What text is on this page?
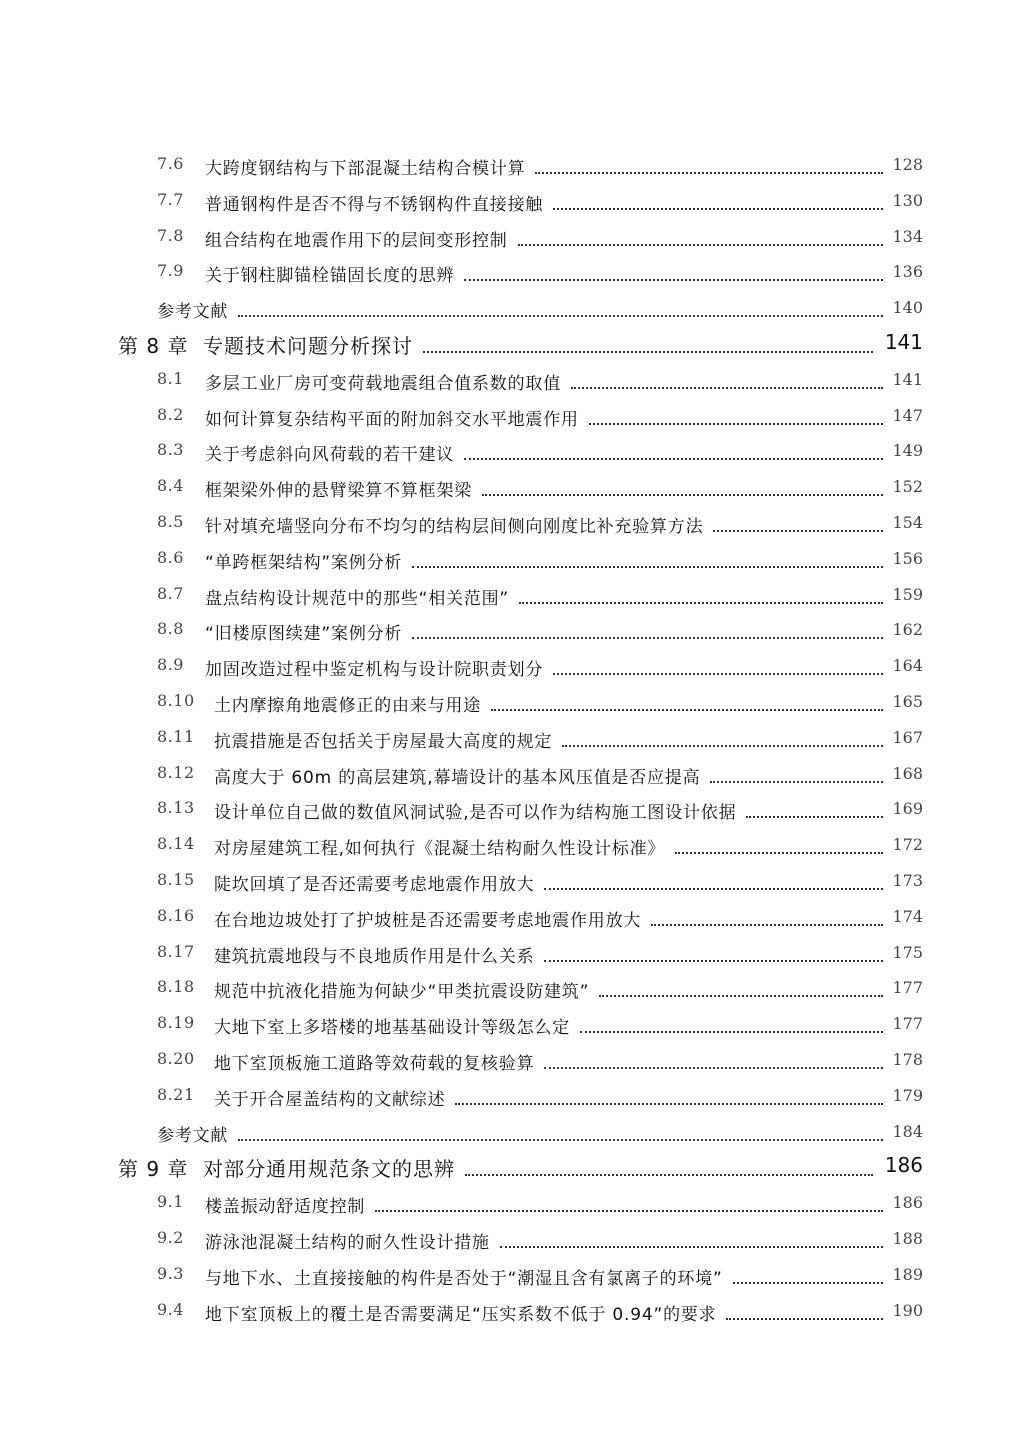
7.6 大跨度钢结构与下部混凝土结构合模计算	128
7.7 普通钢构件是否不得与不锈钢构件直接接触	130
7.8 组合结构在地震作用下的层间变形控制	134
7.9 关于钢柱脚锚栓锚固长度的思辨	136
参考文献	140
第 8 章 专题技术问题分析探讨	141
8.1 多层工业厂房可变荷载地震组合值系数的取值	141
8.2 如何计算复杂结构平面的附加斜交水平地震作用	147
8.3 关于考虑斜向风荷载的若干建议	149
8.4 框架梁外伸的悬臂梁算不算框架梁	152
8.5 针对填充墙竖向分布不均匀的结构层间侧向刚度比补充验算方法	154
8.6 “单跨框架结构”案例分析	156
8.7 盘点结构设计规范中的那些“相关范围”	159
8.8 “旧楼原图续建”案例分析	162
8.9 加固改造过程中鉴定机构与设计院职责划分	164
8.10 土内摩擦角地震修正的由来与用途	165
8.11 抗震措施是否包括关于房屋最大高度的规定	167
8.12 高度大于 60m 的高层建筑,幕墙设计的基本风压值是否应提高	168
8.13 设计单位自己做的数值风洞试验,是否可以作为结构施工图设计依据	169
8.14 对房屋建筑工程,如何执行《混凝土结构耐久性设计标准》	172
8.15 陡坎回填了是否还需要考虑地震作用放大	173
8.16 在台地边坡处打了护坡桩是否还需要考虑地震作用放大	174
8.17 建筑抗震地段与不良地质作用是什么关系	175
8.18 规范中抗液化措施为何缺少“甲类抗震设防建筑”	177
8.19 大地下室上多塔楼的地基基础设计等级怎么定	177
8.20 地下室顶板施工道路等效荷载的复核验算	178
8.21 关于开合屋盖结构的文献综述	179
参考文献	184
第 9 章 对部分通用规范条文的思辨	186
9.1 楼盖振动舒适度控制	186
9.2 游泳池混凝土结构的耐久性设计措施	188
9.3 与地下水、土直接接触的构件是否处于“潮湿且含有氯离子的环境”	189
9.4 地下室顶板上的覆土是否需要满足“压实系数不低于 0.94”的要求	190
